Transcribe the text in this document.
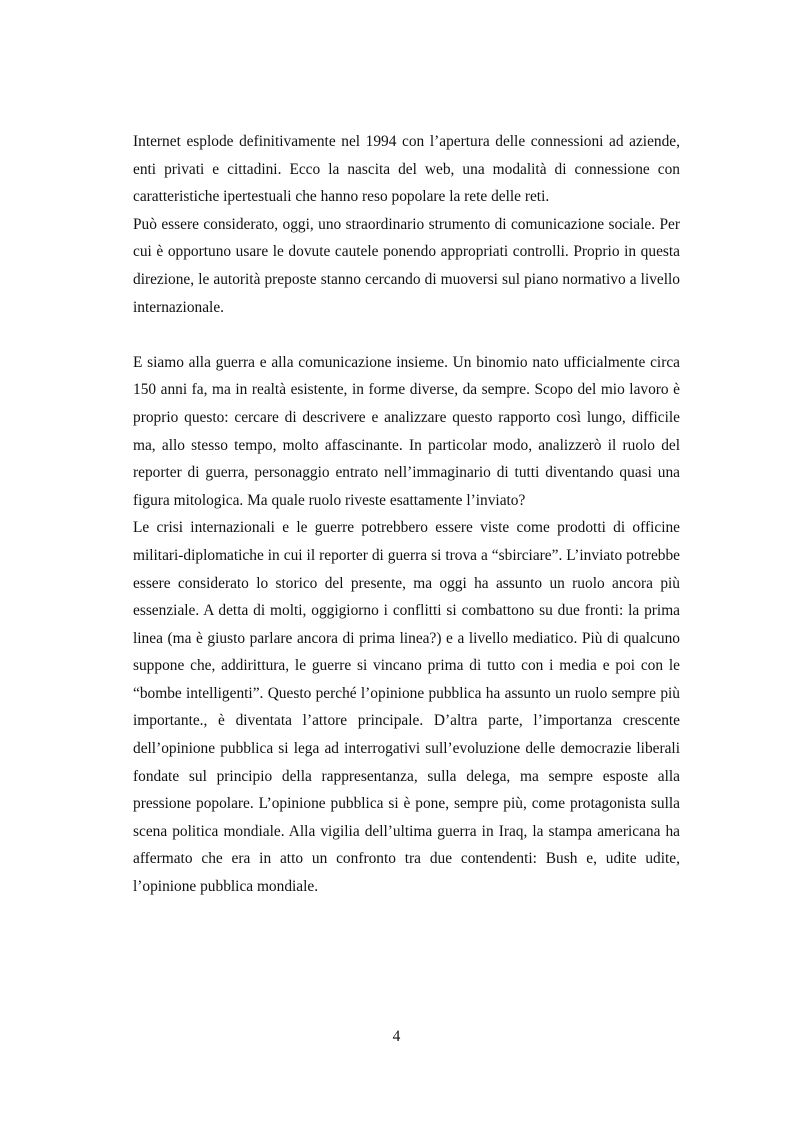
Internet esplode definitivamente nel 1994 con l’apertura delle connessioni ad aziende, enti privati e cittadini. Ecco la nascita del web, una modalità di connessione con caratteristiche ipertestuali che hanno reso popolare la rete delle reti.

Può essere considerato, oggi, uno straordinario strumento di comunicazione sociale. Per cui è opportuno usare le dovute cautele ponendo appropriati controlli. Proprio in questa direzione, le autorità preposte stanno cercando di muoversi sul piano normativo a livello internazionale.

E siamo alla guerra e alla comunicazione insieme. Un binomio nato ufficialmente circa 150 anni fa, ma in realtà esistente, in forme diverse, da sempre. Scopo del mio lavoro è proprio questo: cercare di descrivere e analizzare questo rapporto così lungo, difficile ma, allo stesso tempo, molto affascinante. In particolar modo, analizzerò il ruolo del reporter di guerra, personaggio entrato nell’immaginario di tutti diventando quasi una figura mitologica. Ma quale ruolo riveste esattamente l’inviato?

Le crisi internazionali e le guerre potrebbero essere viste come prodotti di officine militari-diplomatiche in cui il reporter di guerra si trova a “sbirciare”. L’inviato potrebbe essere considerato lo storico del presente, ma oggi ha assunto un ruolo ancora più essenziale. A detta di molti, oggigiorno i conflitti si combattono su due fronti: la prima linea (ma è giusto parlare ancora di prima linea?) e a livello mediatico. Più di qualcuno suppone che, addirittura, le guerre si vincano prima di tutto con i media e poi con le “bombe intelligenti”. Questo perché l’opinione pubblica ha assunto un ruolo sempre più importante., è diventata l’attore principale. D’altra parte, l’importanza crescente dell’opinione pubblica si lega ad interrogativi sull’evoluzione delle democrazie liberali fondate sul principio della rappresentanza, sulla delega, ma sempre esposte alla pressione popolare. L’opinione pubblica si è pone, sempre più, come protagonista sulla scena politica mondiale. Alla vigilia dell’ultima guerra in Iraq, la stampa americana ha affermato che era in atto un confronto tra due contendenti: Bush e, udite udite, l’opinione pubblica mondiale.

4
